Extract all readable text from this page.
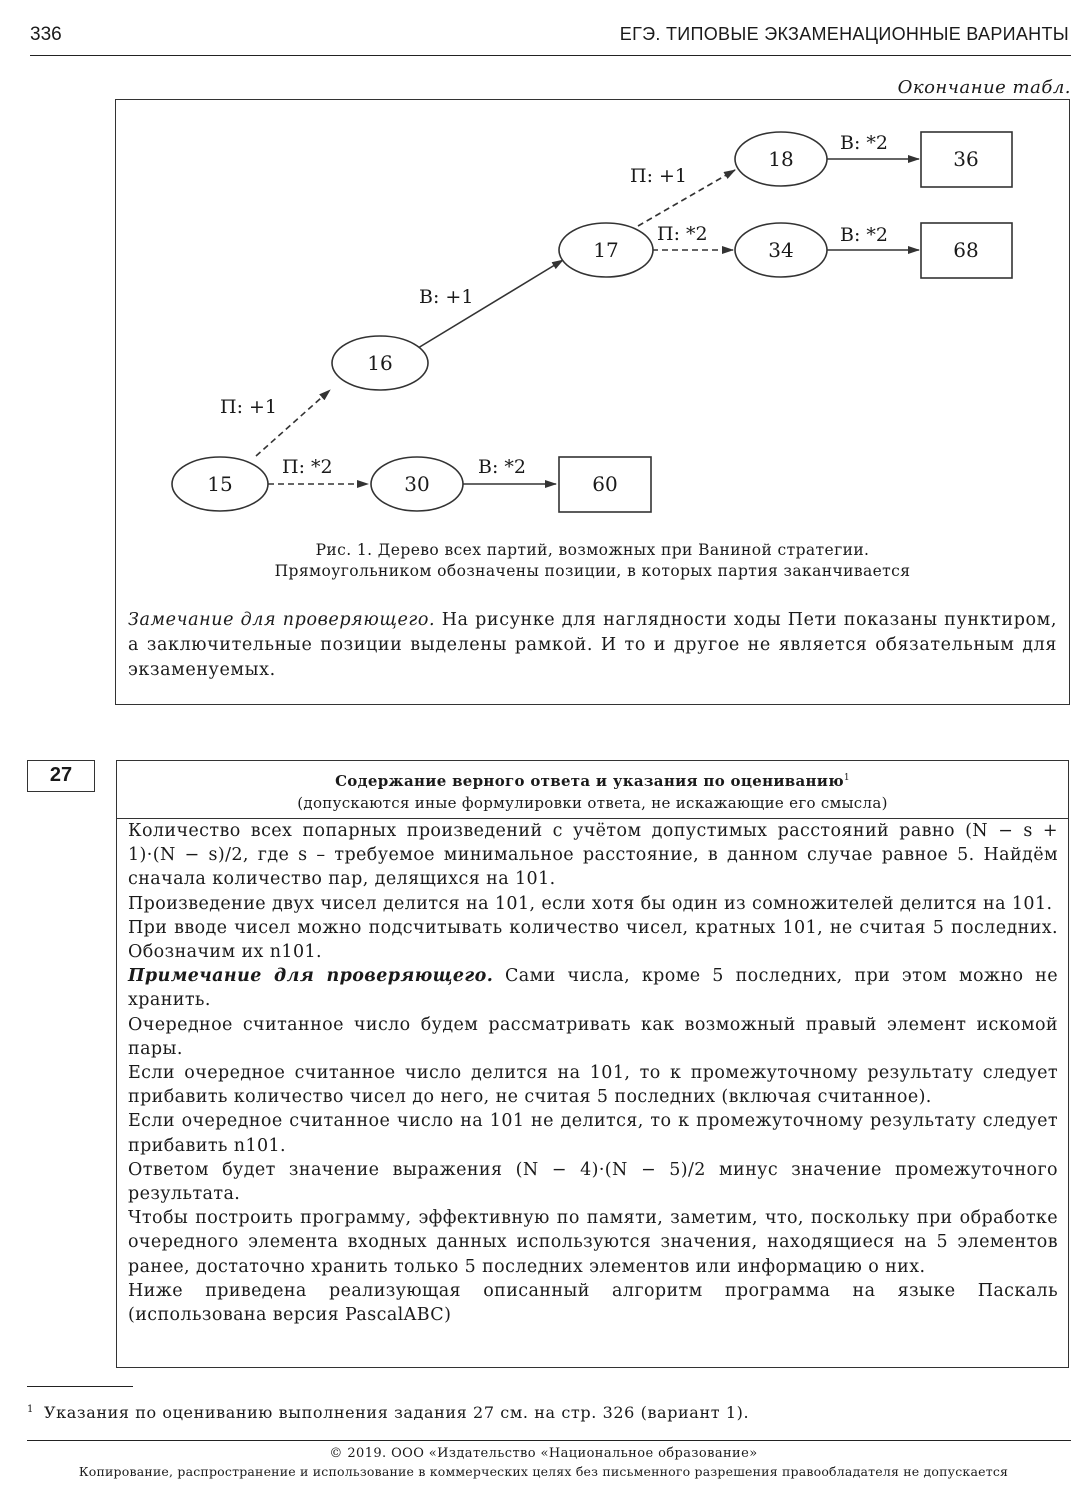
336	ЕГЭ. ТИПОВЫЕ ЭКЗАМЕНАЦИОННЫЕ ВАРИАНТЫ
Окончание табл.
15
16
17
18
34
30
36
68
60
П: +1
П: *2
В: +1
П: +1
П: *2
В: *2
В: *2
В: *2
Рис. 1. Дерево всех партий, возможных при Ваниной стратегии.
Прямоугольником обозначены позиции, в которых партия заканчивается
Замечание для проверяющего. На рисунке для наглядности ходы Пети показаны пунктиром, а заключительные позиции выделены рамкой. И то и другое не является обязательным для экзаменуемых.
27	Содержание верного ответа и указания по оцениванию$^1$
(допускаются иные формулировки ответа, не искажающие его смысла)

Количество всех попарных произведений с учётом допустимых расстояний равно (N − s + 1)·(N − s)/2, где s – требуемое минимальное расстояние, в данном случае равное 5. Найдём сначала количество пар, делящихся на 101.

Произведение двух чисел делится на 101, если хотя бы один из сомножителей делится на 101.

При вводе чисел можно подсчитывать количество чисел, кратных 101, не считая 5 последних. Обозначим их n101.

Примечание для проверяющего. Сами числа, кроме 5 последних, при этом можно не хранить.

Очередное считанное число будем рассматривать как возможный правый элемент искомой пары.

Если очередное считанное число делится на 101, то к промежуточному результату следует прибавить количество чисел до него, не считая 5 последних (включая считанное).

Если очередное считанное число на 101 не делится, то к промежуточному результату следует прибавить n101.

Ответом будет значение выражения (N − 4)·(N − 5)/2 минус значение промежуточного результата.

Чтобы построить программу, эффективную по памяти, заметим, что, поскольку при обработке очередного элемента входных данных используются значения, находящиеся на 5 элементов ранее, достаточно хранить только 5 последних элементов или информацию о них.

Ниже приведена реализующая описанный алгоритм программа на языке Паскаль (использована версия PascalABC)

$^1$ Указания по оцениванию выполнения задания 27 см. на стр. 326 (вариант 1).
© 2019. ООО «Издательство «Национальное образование»
Копирование, распространение и использование в коммерческих целях без письменного разрешения правообладателя не допускается
